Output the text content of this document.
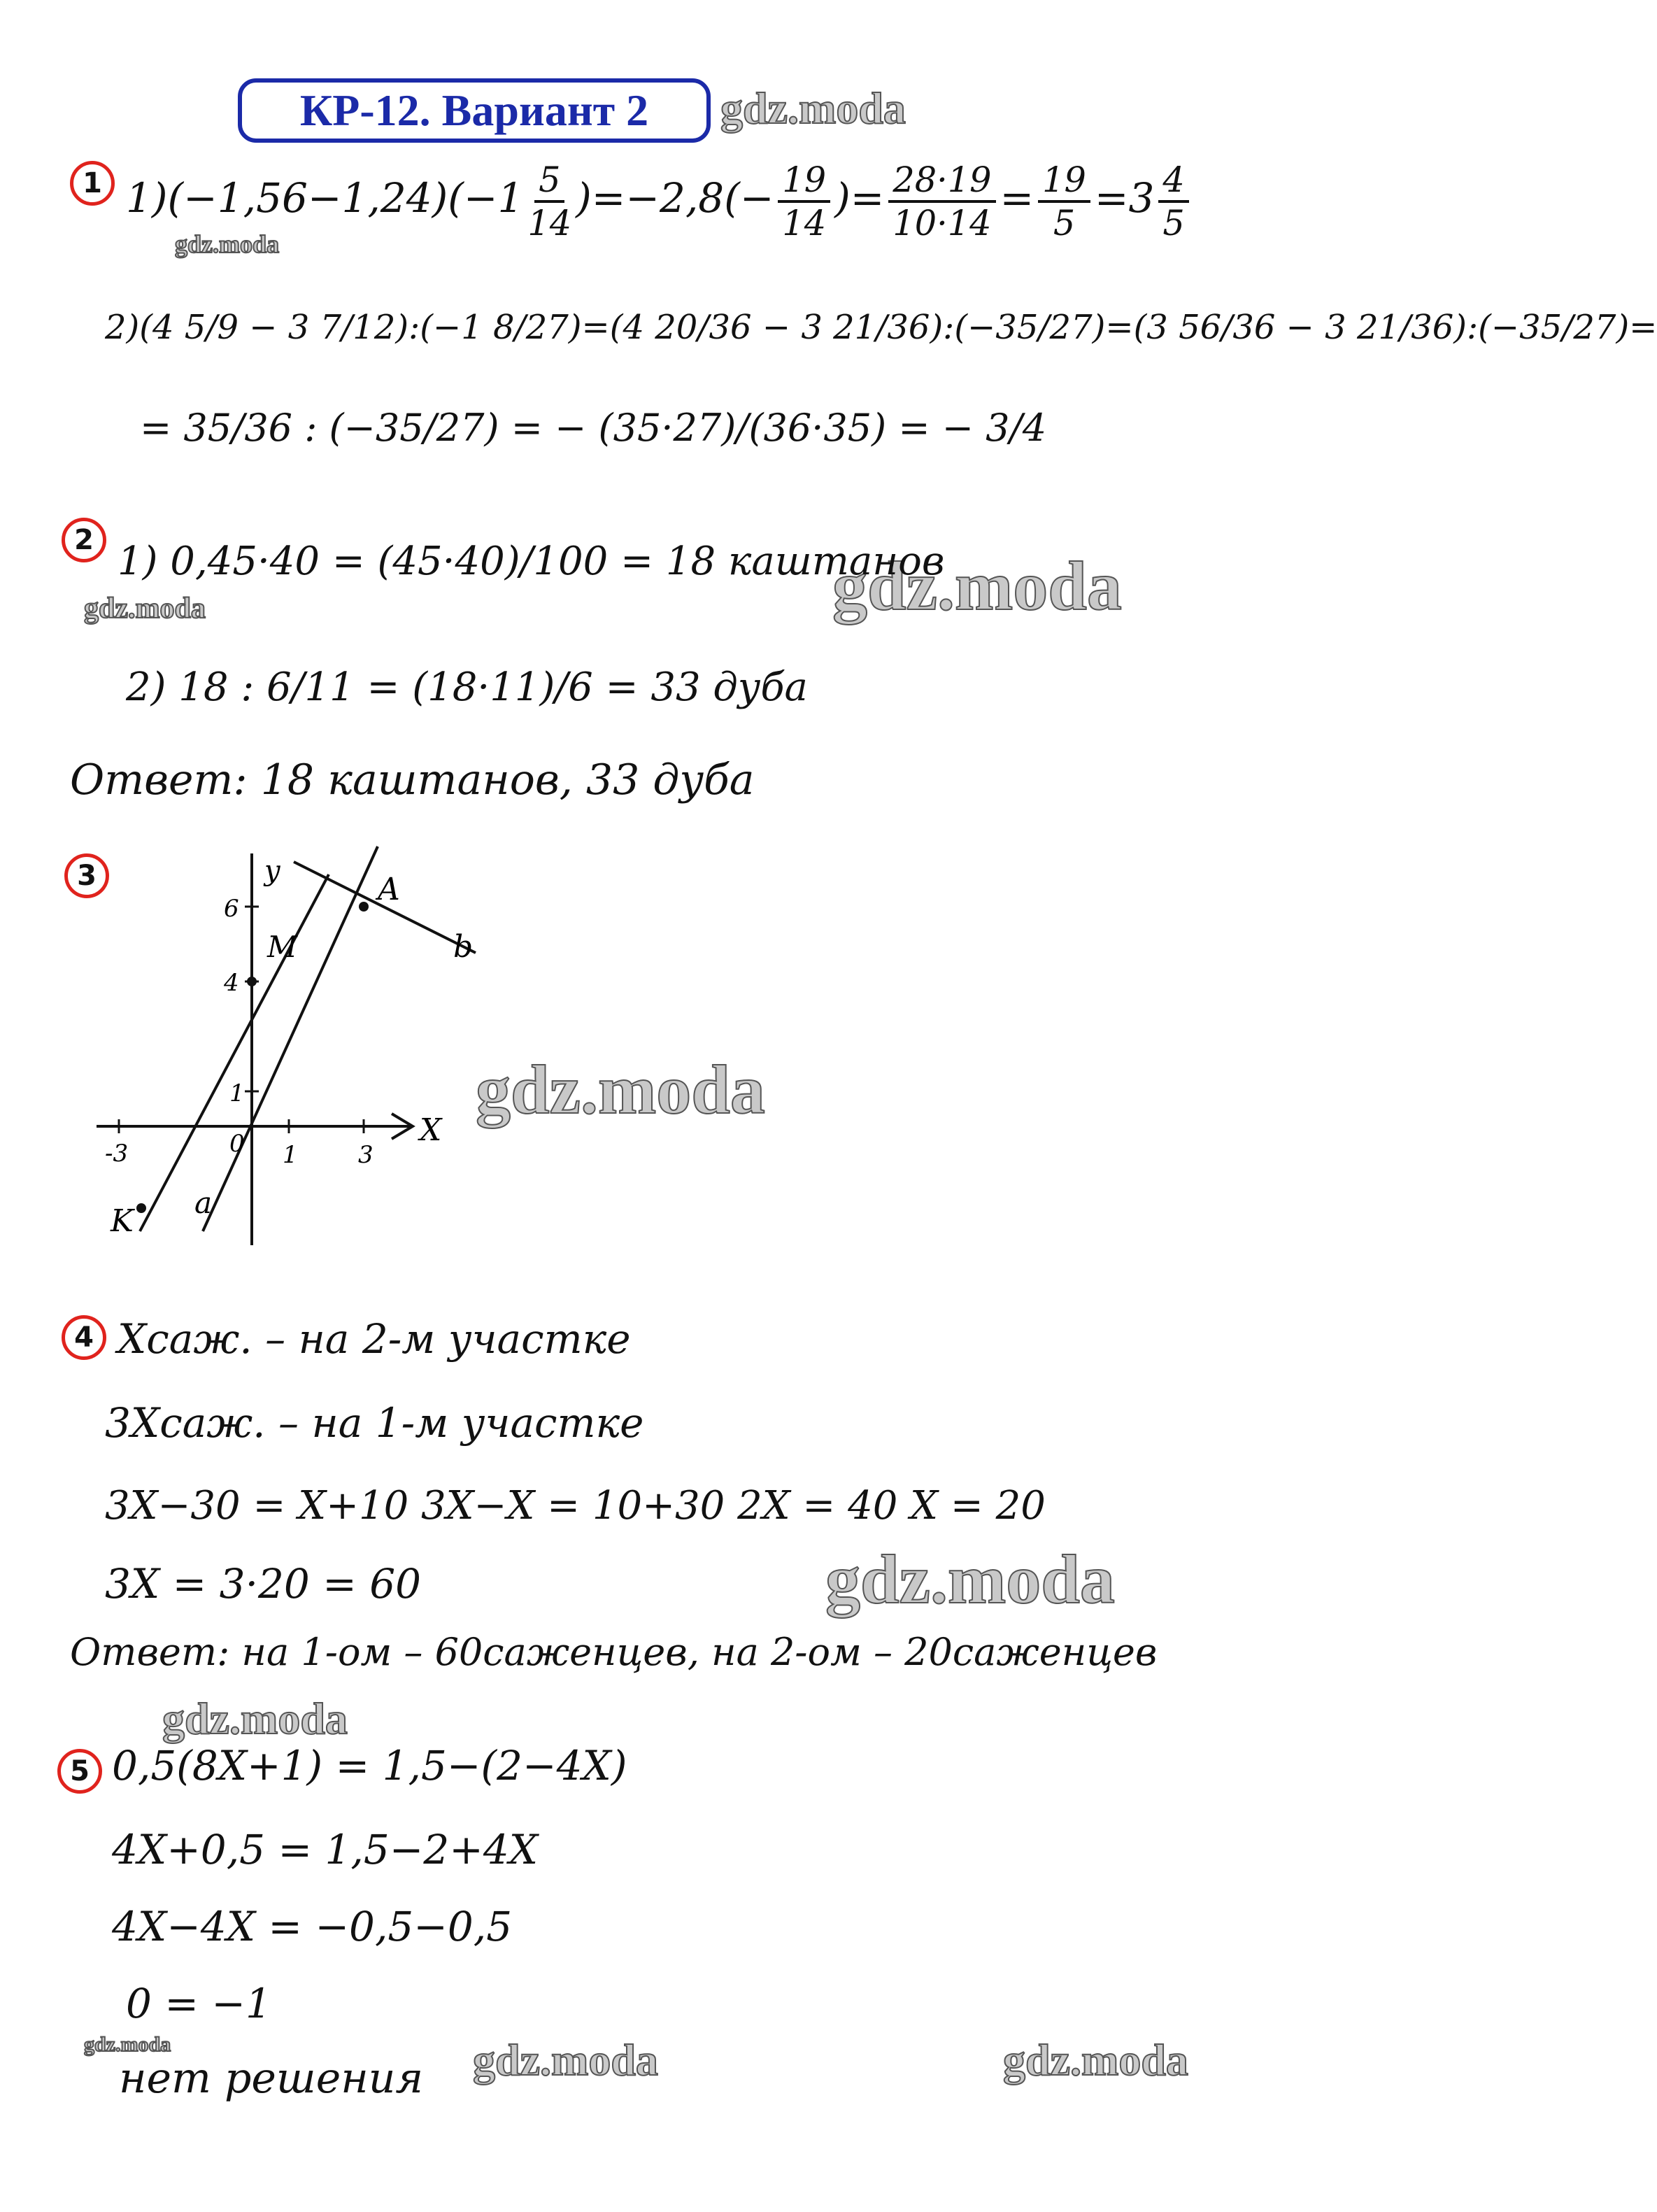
КР-12. Вариант 2 gdz.moda
gdz.moda
gdz.moda
gdz.moda
gdz.moda
gdz.moda
gdz.moda
gdz.moda	gdz.moda	gdz.moda
1 $1)(-1,56-1,24)(-1 \frac{5}{14} )=-2,8(- \frac{19}{14}$ )= $\frac{28\cdot 19}{10\cdot 14} = \frac{19}{5} =3 \frac{4}{5}$
2)(4 5/9 − 3 7/12):(−1 8/27)=(4 20/36 − 3 21/36):(−35/27)=(3 56/36 − 3 21/36):(−35/27)=
= 35/36 : (−35/27) = − (35·27)/(36·35) = − 3/4
2 1) 0,45·40 = (45·40)/100 = 18 каштанов
2) 18 : 6/11 = (18·11)/6 = 33 дуба
Ответ: 18 каштанов, 33 дуба
3	y
X
A
b
M
K
a
6
4
1
-3	0 1	3
4 Xсаж. – на 2-м участке
3Xсаж. – на 1-м участке
3X−30 = X+10 3X−X = 10+30 2X = 40 X = 20
3X = 3·20 = 60
Ответ: на 1-ом – 60саженцев, на 2-ом – 20саженцев
5 0,5(8X+1) = 1,5−(2−4X)
4X+0,5 = 1,5−2+4X
4X−4X = −0,5−0,5
0 = −1
нет решения
